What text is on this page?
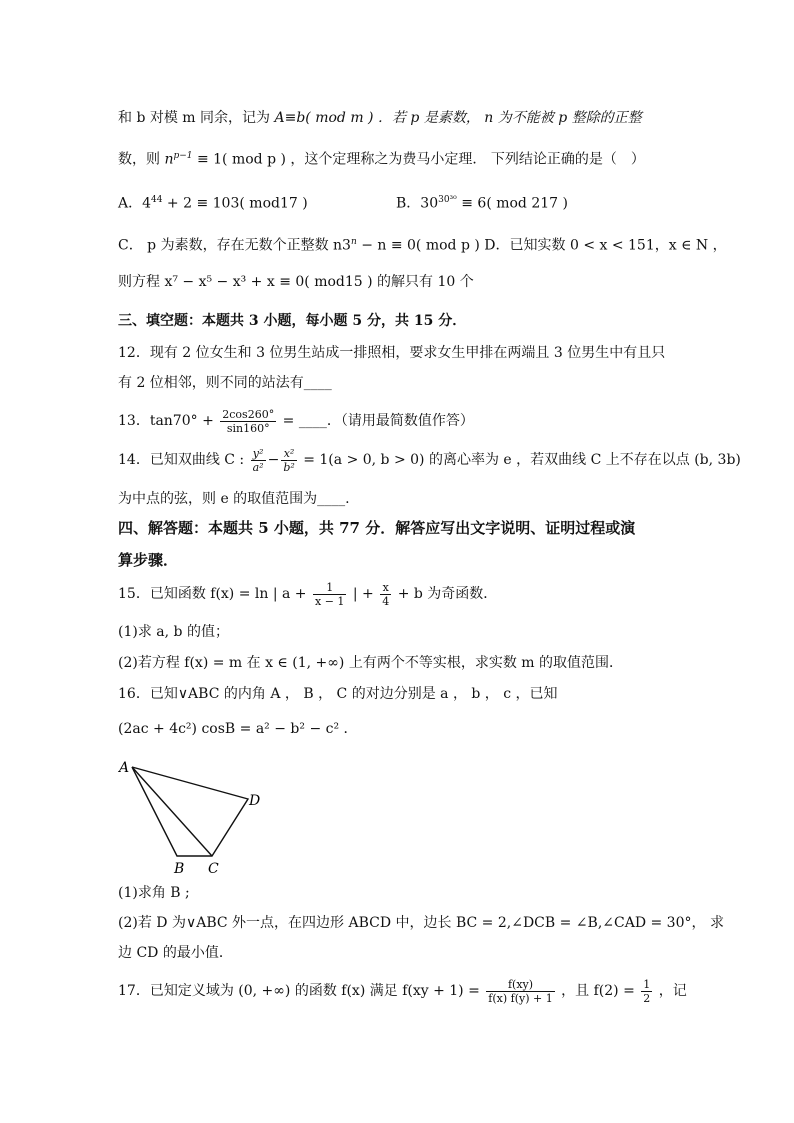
和 b 对模 m 同余，记为 A≡b( mod m ) ．若 p 是素数， n 为不能被 p 整除的正整
数，则 $n^{p-1} \equiv 1$( mod p ) ，这个定理称之为费马小定理． 下列结论正确的是（　）
A．$4^{44} + 2 \equiv 103$( mod17 )	B．$30^{30^{30}} \equiv 6$( mod 217 )
C． p 为素数，存在无数个正整数 $n3^n - n \equiv 0$( mod p ) D．已知实数 0 < x < 151，x ∈ N ，
则方程 x⁷ − x⁵ − x³ + x ≡ 0( mod15 ) 的解只有 10 个
三、填空题：本题共 3 小题，每小题 5 分，共 15 分．
12．现有 2 位女生和 3 位男生站成一排照相，要求女生甲排在两端且 3 位男生中有且只
有 2 位相邻，则不同的站法有____
13．$\tan 70^\circ + \frac{2\cos 260^\circ}{\sin 160^\circ}$ = ____．（请用最简数值作答）
14．已知双曲线 C : $\frac{\text{y²}}{\text{a²}} - \frac{\text{x²}}{\text{b²}} = 1(a > 0$, b > 0) 的离心率为 e ，若双曲线 C 上不存在以点 (b, 3b)
为中点的弦，则 e 的取值范围为____.
四、解答题：本题共 5 小题，共 77 分．解答应写出文字说明、证明过程或演
算步骤．
15．已知函数 f(x) = ln | $a + \frac{1}{x - 1}$ | + $\frac{x}{4} + b$ 为奇函数．
(1)求 a, b 的值；
(2)若方程 f(x) = m 在 x ∈ (1, +∞) 上有两个不等实根，求实数 m 的取值范围．
16．已知∨ABC 的内角 A ， B ， C 的对边分别是 a ， b ， c ，已知
(2ac + 4c²) cosB = a² − b² − c² ．
A
B C
D
(1)求角 B ;
(2)若 D 为∨ABC 外一点，在四边形 ABCD 中，边长 BC = 2,∠DCB = ∠B,∠CAD = 30°， 求
边 CD 的最小值．
17．已知定义域为 (0, +∞) 的函数 f(x) 满足 $f(xy + 1) = \frac{f(xy)}{f(x) f(y) + 1}$ ，且 $f(2) = \frac{1}{2}$ ，记
